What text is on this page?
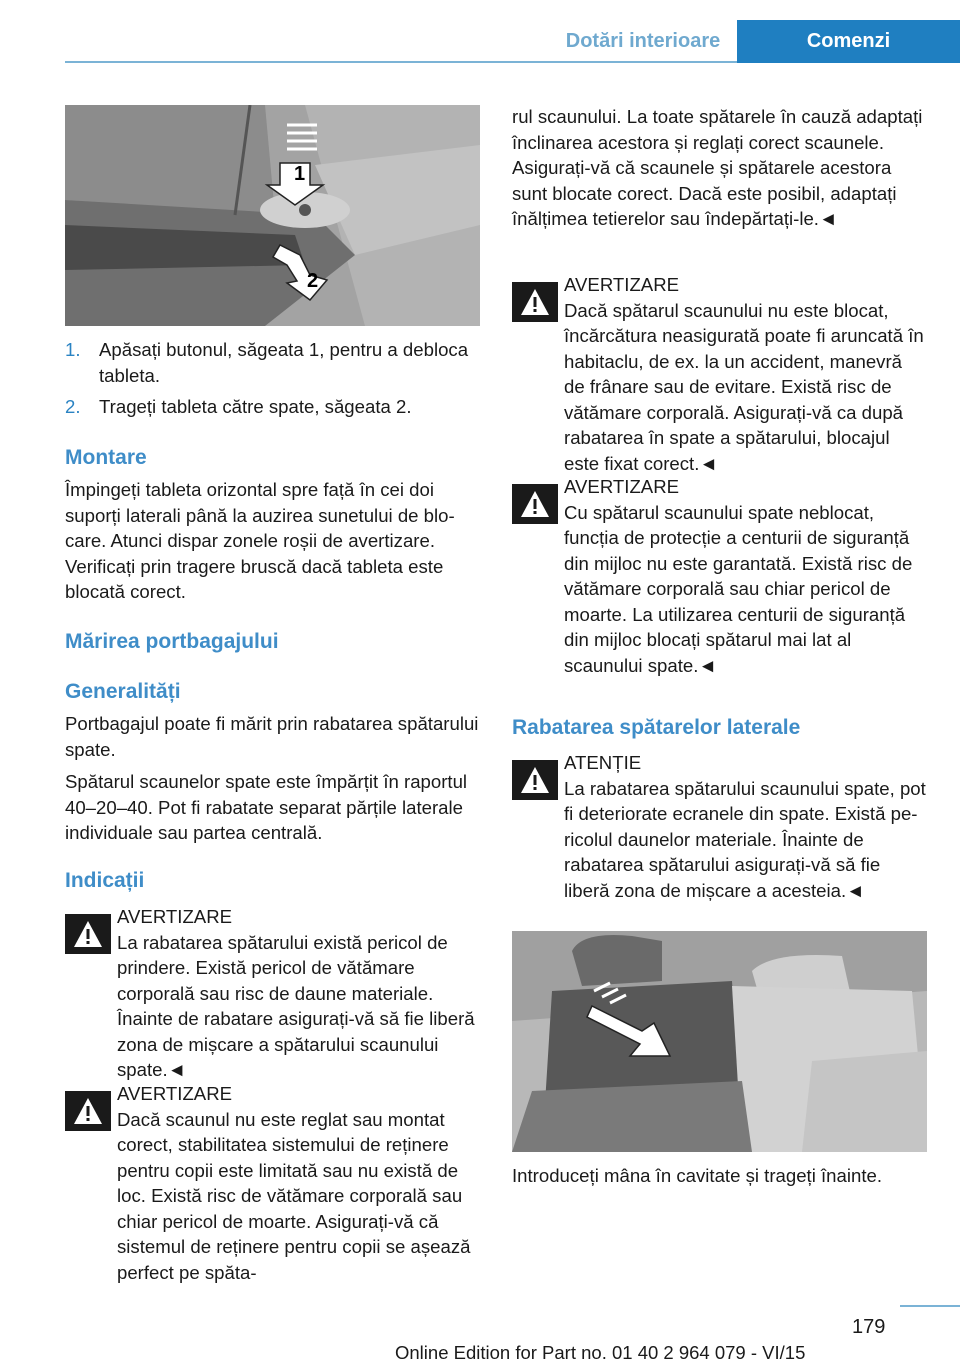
Dotări interioare	Comenzi
1
2
1. Apăsați butonul, săgeata 1, pentru a debloca tableta.
2. Trageți tableta către spate, săgeata 2.
Montare
Împingeți tableta orizontal spre față în cei doi suporți laterali până la auzirea sunetului de blocare. Atunci dispar zonele roșii de avertizare. Verificați prin tragere bruscă dacă tableta este blocată corect.
Mărirea portbagajului
Generalități
Portbagajul poate fi mărit prin rabatarea spătarului spate.
Spătarul scaunelor spate este împărțit în raportul 40–20–40. Pot fi rabatate separat părțile laterale individuale sau partea centrală.
Indicații
AVERTIZARE
La rabatarea spătarului există pericol de prindere. Există pericol de vătămare corporală sau risc de daune materiale. Înainte de rabatare asigurați-vă să fie liberă zona de mișcare a spătarului scaunului spate.◄
AVERTIZARE
Dacă scaunul nu este reglat sau montat corect, stabilitatea sistemului de reținere pentru copii este limitată sau nu există de loc. Există risc de vătămare corporală sau chiar pericol de moarte. Asigurați-vă că sistemul de reținere pentru copii se așează perfect pe spăta-
rul scaunului. La toate spătarele în cauză adaptați înclinarea acestora și reglați corect scaunele. Asigurați-vă că scaunele și spătarele acestora sunt blocate corect. Dacă este posibil, adaptați înălțimea tetierelor sau îndepărtați-le.◄
AVERTIZARE
Dacă spătarul scaunului nu este blocat, încărcătura neasigurată poate fi aruncată în habitaclu, de ex. la un accident, manevră de frânare sau de evitare. Există risc de vătămare corporală. Asigurați-vă ca după rabatarea în spate a spătarului, blocajul este fixat corect.◄
AVERTIZARE
Cu spătarul scaunului spate neblocat, funcția de protecție a centurii de siguranță din mijloc nu este garantată. Există risc de vătămare corporală sau chiar pericol de moarte. La utilizarea centurii de siguranță din mijloc blocați spătarul mai lat al scaunului spate.◄
Rabatarea spătarelor laterale
ATENȚIE
La rabatarea spătarului scaunului spate, pot fi deteriorate ecranele din spate. Există pericolul daunelor materiale. Înainte de rabatarea spătarului asigurați-vă să fie liberă zona de mișcare a acesteia.◄
Introduceți mâna în cavitate și trageți înainte.
179
Online Edition for Part no. 01 40 2 964 079 - VI/15
